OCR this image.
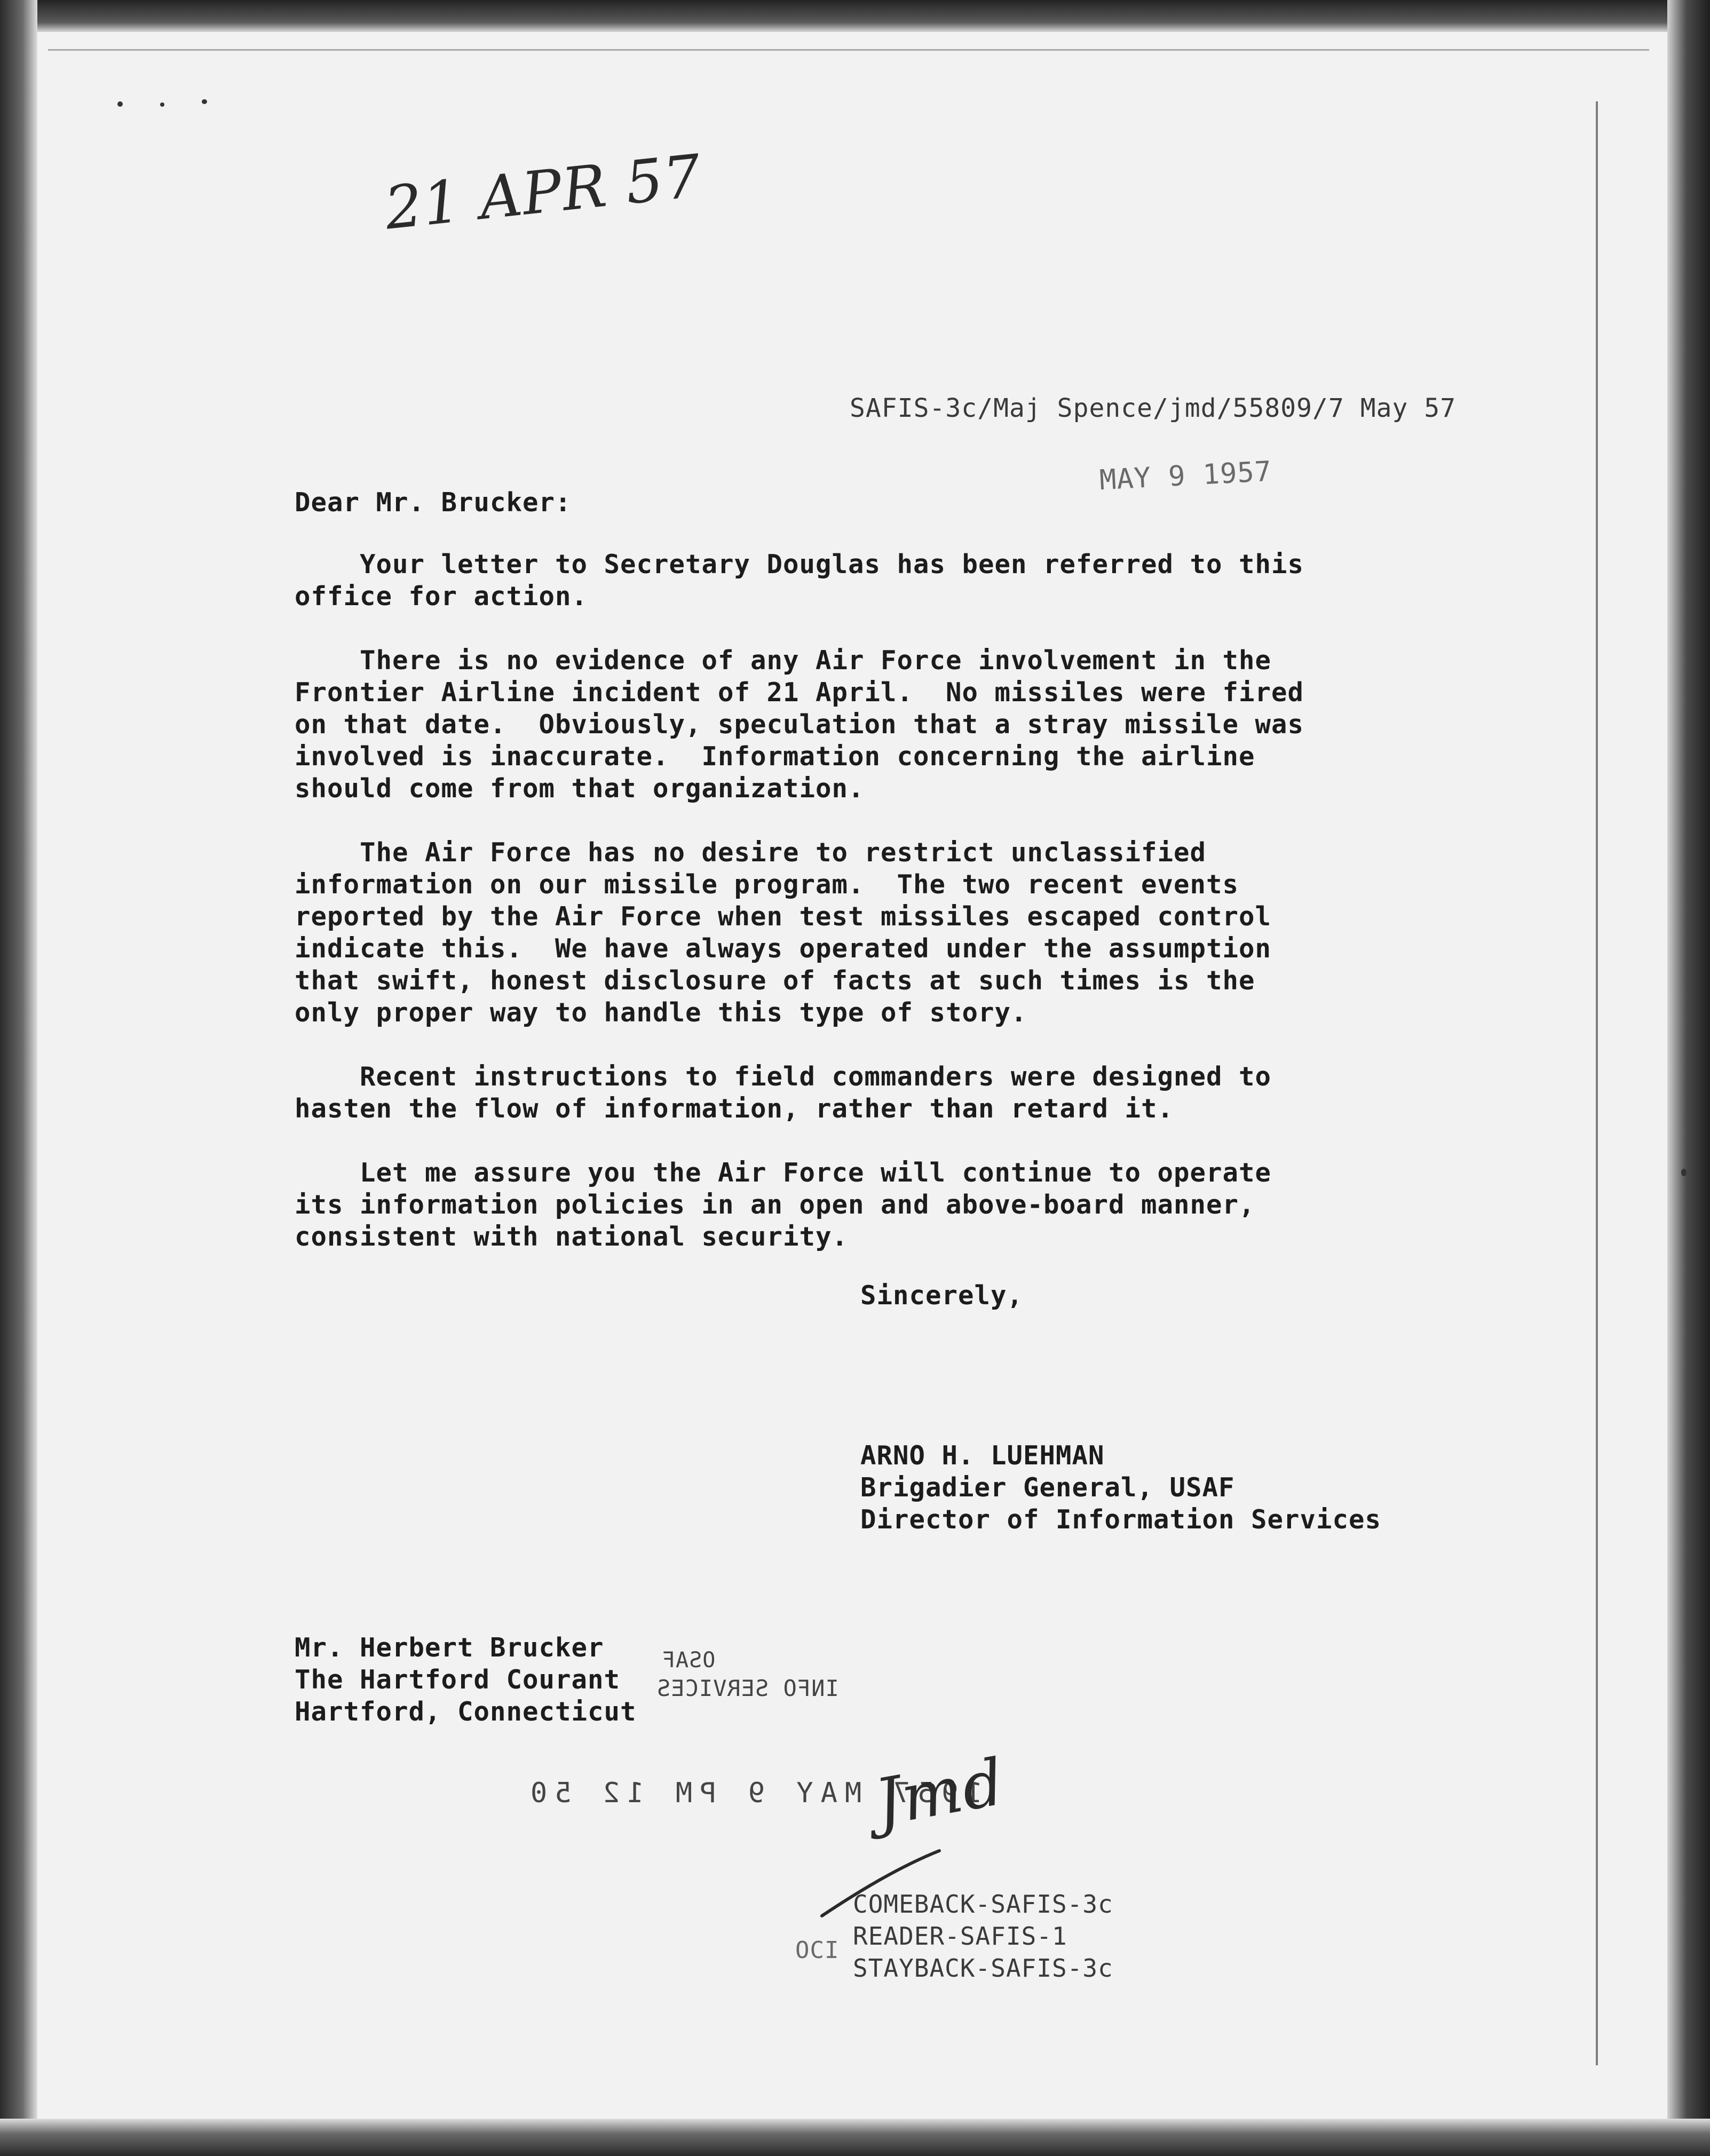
21 APR 57
SAFIS-3c/Maj Spence/jmd/55809/7 May 57
MAY 9 1957
Dear Mr. Brucker:
Your letter to Secretary Douglas has been referred to this
office for action.
There is no evidence of any Air Force involvement in the
Frontier Airline incident of 21 April.  No missiles were fired
on that date.  Obviously, speculation that a stray missile was
involved is inaccurate.  Information concerning the airline
should come from that organization.
The Air Force has no desire to restrict unclassified
information on our missile program.  The two recent events
reported by the Air Force when test missiles escaped control
indicate this.  We have always operated under the assumption
that swift, honest disclosure of facts at such times is the
only proper way to handle this type of story.
Recent instructions to field commanders were designed to
hasten the flow of information, rather than retard it.
Let me assure you the Air Force will continue to operate
its information policies in an open and above-board manner,
consistent with national security.
Sincerely,
ARNO H. LUEHMAN
Brigadier General, USAF
Director of Information Services
Mr. Herbert Brucker
The Hartford Courant
Hartford, Connecticut
OSAF
INFO SERVICES
1957 MAY 9 PM 12 50
Jmd
OCI
COMEBACK-SAFIS-3c
READER-SAFIS-1
STAYBACK-SAFIS-3c
